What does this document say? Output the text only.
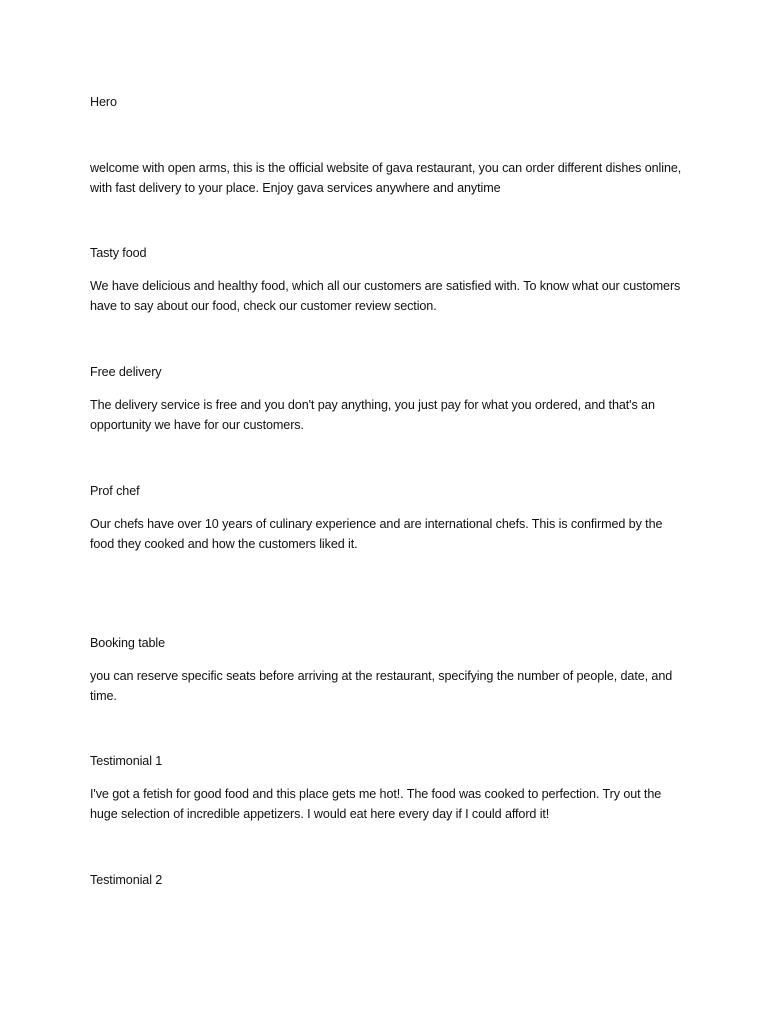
Hero

welcome with open arms, this is the official website of gava restaurant, you can order different dishes online, with fast delivery to your place. Enjoy gava services anywhere and anytime

Tasty food

We have delicious and healthy food, which all our customers are satisfied with. To know what our customers have to say about our food, check our customer review section.

Free delivery

The delivery service is free and you don't pay anything, you just pay for what you ordered, and that's an opportunity we have for our customers.

Prof chef

Our chefs have over 10 years of culinary experience and are international chefs. This is confirmed by the food they cooked and how the customers liked it.

Booking table

you can reserve specific seats before arriving at the restaurant, specifying the number of people, date, and time.

Testimonial 1

I've got a fetish for good food and this place gets me hot!. The food was cooked to perfection. Try out the huge selection of incredible appetizers. I would eat here every day if I could afford it!

Testimonial 2
